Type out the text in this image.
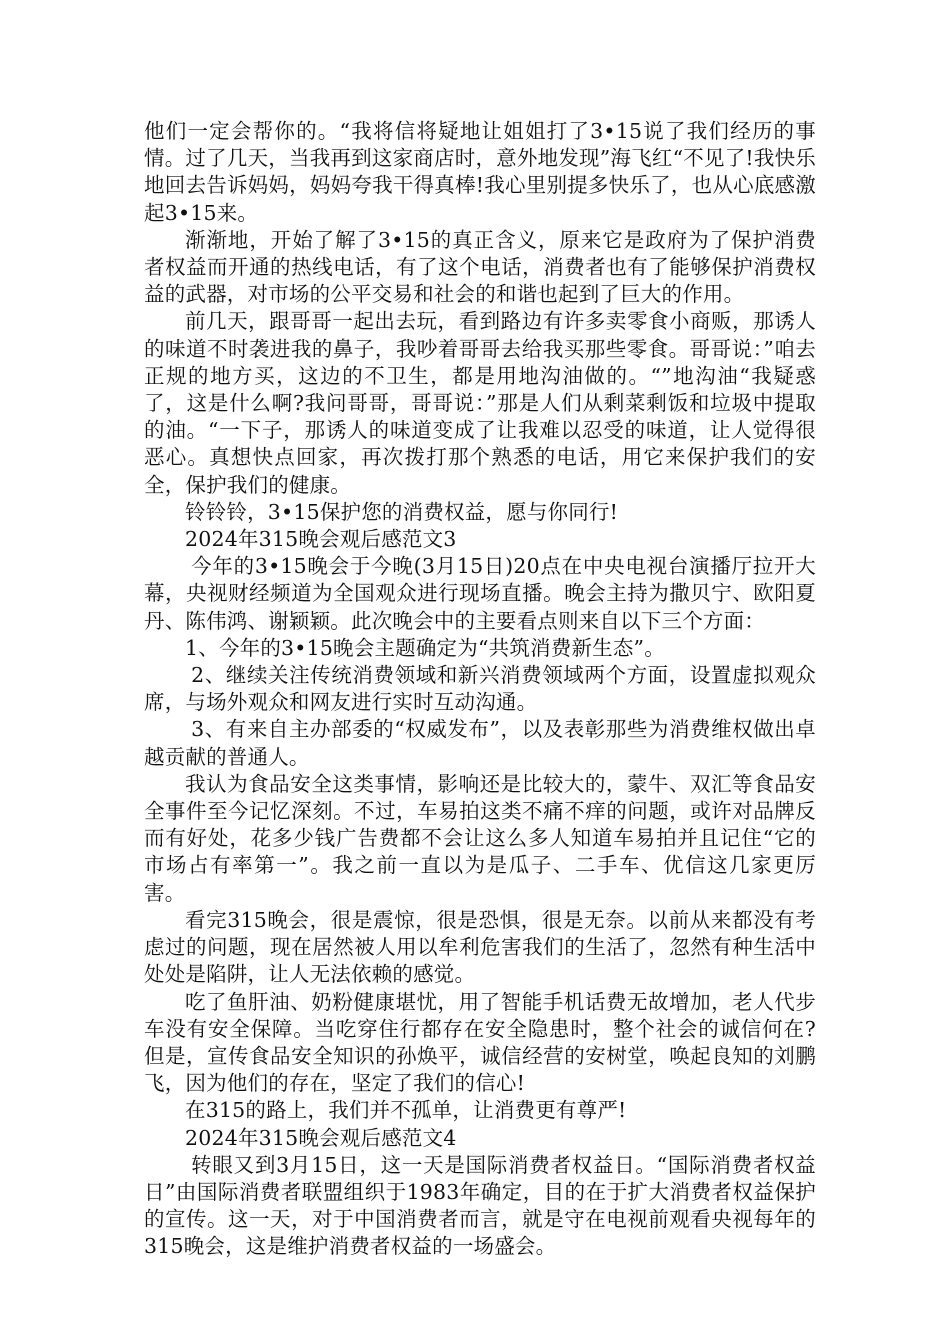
他们一定会帮你的。“我将信将疑地让姐姐打了3•15说了我们经历的事情。过了几天，当我再到这家商店时，意外地发现”海飞红“不见了!我快乐地回去告诉妈妈，妈妈夸我干得真棒!我心里别提多快乐了，也从心底感激起3•15来。

渐渐地，开始了解了3•15的真正含义，原来它是政府为了保护消费者权益而开通的热线电话，有了这个电话，消费者也有了能够保护消费权益的武器，对市场的公平交易和社会的和谐也起到了巨大的作用。

前几天，跟哥哥一起出去玩，看到路边有许多卖零食小商贩，那诱人的味道不时袭进我的鼻子，我吵着哥哥去给我买那些零食。哥哥说：”咱去正规的地方买，这边的不卫生，都是用地沟油做的。“”地沟油“我疑惑了，这是什么啊?我问哥哥，哥哥说：”那是人们从剩菜剩饭和垃圾中提取的油。“一下子，那诱人的味道变成了让我难以忍受的味道，让人觉得很恶心。真想快点回家，再次拨打那个熟悉的电话，用它来保护我们的安全，保护我们的健康。

铃铃铃，3•15保护您的消费权益，愿与你同行!

2024年315晚会观后感范文3

今年的3•15晚会于今晚(3月15日)20点在中央电视台演播厅拉开大幕，央视财经频道为全国观众进行现场直播。晚会主持为撒贝宁、欧阳夏丹、陈伟鸿、谢颖颖。此次晚会中的主要看点则来自以下三个方面：

1、今年的3•15晚会主题确定为“共筑消费新生态”。

2、继续关注传统消费领域和新兴消费领域两个方面，设置虚拟观众席，与场外观众和网友进行实时互动沟通。

3、有来自主办部委的“权威发布”，以及表彰那些为消费维权做出卓越贡献的普通人。

我认为食品安全这类事情，影响还是比较大的，蒙牛、双汇等食品安全事件至今记忆深刻。不过，车易拍这类不痛不痒的问题，或许对品牌反而有好处，花多少钱广告费都不会让这么多人知道车易拍并且记住“它的市场占有率第一”。我之前一直以为是瓜子、二手车、优信这几家更厉害。

看完315晚会，很是震惊，很是恐惧，很是无奈。以前从来都没有考虑过的问题，现在居然被人用以牟利危害我们的生活了，忽然有种生活中处处是陷阱，让人无法依赖的感觉。

吃了鱼肝油、奶粉健康堪忧，用了智能手机话费无故增加，老人代步车没有安全保障。当吃穿住行都存在安全隐患时，整个社会的诚信何在?但是，宣传食品安全知识的孙焕平，诚信经营的安树堂，唤起良知的刘鹏飞，因为他们的存在，坚定了我们的信心!

在315的路上，我们并不孤单，让消费更有尊严!

2024年315晚会观后感范文4

转眼又到3月15日，这一天是国际消费者权益日。“国际消费者权益日”由国际消费者联盟组织于1983年确定，目的在于扩大消费者权益保护的宣传。这一天，对于中国消费者而言，就是守在电视前观看央视每年的315晚会，这是维护消费者权益的一场盛会。
